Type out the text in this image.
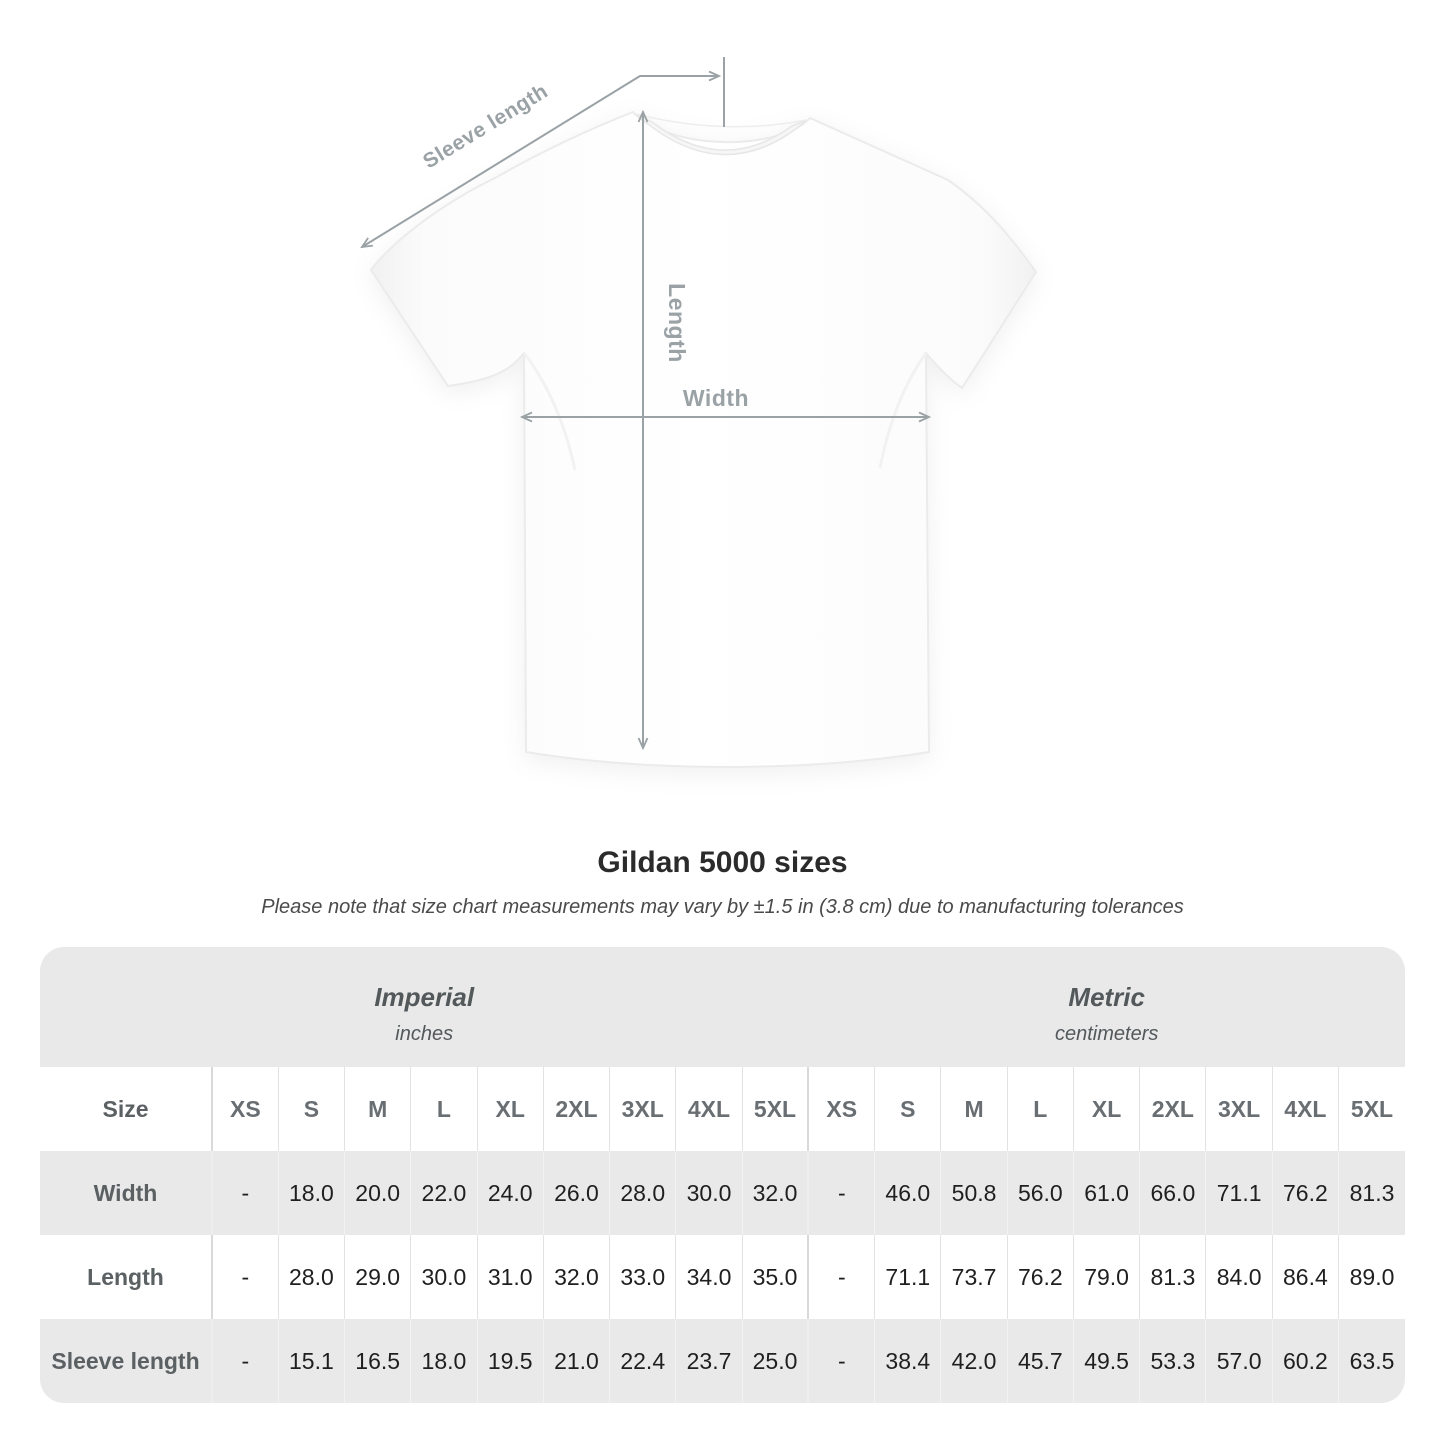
Sleeve length
Length
Width
Gildan 5000 sizes

Please note that size chart measurements may vary by ±1.5 in (3.8 cm) due to manufacturing tolerances

Imperial
inches										Metric
centimeters								

Size	XS	S	M	L	XL	2XL	3XL	4XL	5XL	XS	S	M	L	XL	2XL	3XL	4XL	5XL
Width	-	18.0	20.0	22.0	24.0	26.0	28.0	30.0	32.0	-	46.0	50.8	56.0	61.0	66.0	71.1	76.2	81.3
Length	-	28.0	29.0	30.0	31.0	32.0	33.0	34.0	35.0	-	71.1	73.7	76.2	79.0	81.3	84.0	86.4	89.0
Sleeve length	-	15.1	16.5	18.0	19.5	21.0	22.4	23.7	25.0	-	38.4	42.0	45.7	49.5	53.3	57.0	60.2	63.5
